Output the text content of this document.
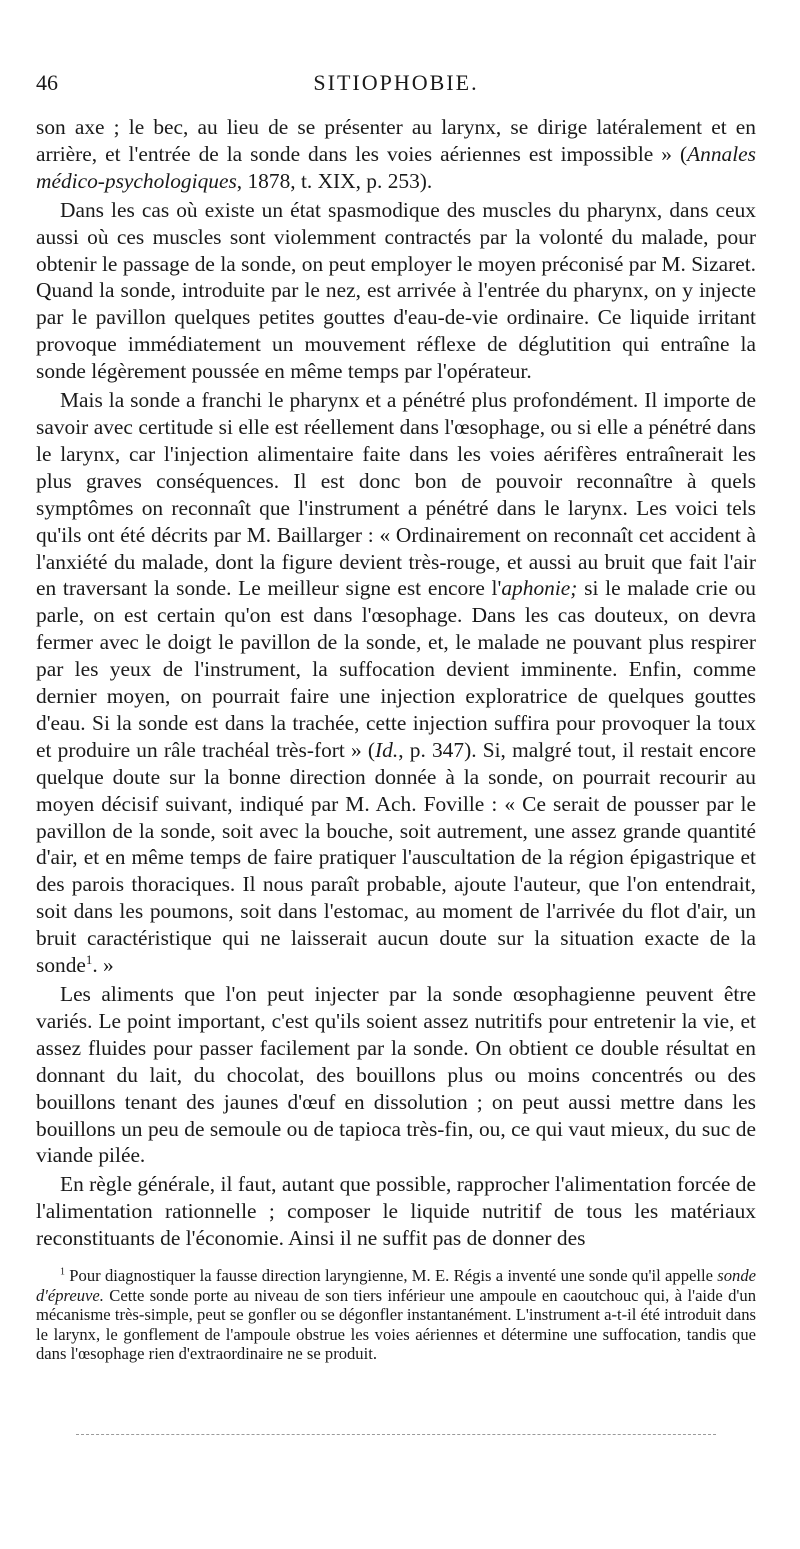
46	SITIOPHOBIE.

son axe ; le bec, au lieu de se présenter au larynx, se dirige latéralement et en arrière, et l'entrée de la sonde dans les voies aériennes est impossible » (Annales médico-psychologiques, 1878, t. XIX, p. 253).

Dans les cas où existe un état spasmodique des muscles du pharynx, dans ceux aussi où ces muscles sont violemment contractés par la volonté du malade, pour obtenir le passage de la sonde, on peut employer le moyen préconisé par M. Sizaret. Quand la sonde, introduite par le nez, est arrivée à l'entrée du pharynx, on y injecte par le pavillon quelques petites gouttes d'eau-de-vie ordinaire. Ce liquide irritant provoque immédiatement un mouvement réflexe de déglutition qui entraîne la sonde légèrement poussée en même temps par l'opérateur.

Mais la sonde a franchi le pharynx et a pénétré plus profondément. Il importe de savoir avec certitude si elle est réellement dans l'œsophage, ou si elle a pénétré dans le larynx, car l'injection alimentaire faite dans les voies aérifères entraînerait les plus graves conséquences. Il est donc bon de pouvoir reconnaître à quels symptômes on reconnaît que l'instrument a pénétré dans le larynx. Les voici tels qu'ils ont été décrits par M. Baillarger : « Ordinairement on reconnaît cet accident à l'anxiété du malade, dont la figure devient très-rouge, et aussi au bruit que fait l'air en traversant la sonde. Le meilleur signe est encore l'aphonie; si le malade crie ou parle, on est certain qu'on est dans l'œsophage. Dans les cas douteux, on devra fermer avec le doigt le pavillon de la sonde, et, le malade ne pouvant plus respirer par les yeux de l'instrument, la suffocation devient imminente. Enfin, comme dernier moyen, on pourrait faire une injection exploratrice de quelques gouttes d'eau. Si la sonde est dans la trachée, cette injection suffira pour provoquer la toux et produire un râle trachéal très-fort » (Id., p. 347). Si, malgré tout, il restait encore quelque doute sur la bonne direction donnée à la sonde, on pourrait recourir au moyen décisif suivant, indiqué par M. Ach. Foville : « Ce serait de pousser par le pavillon de la sonde, soit avec la bouche, soit autrement, une assez grande quantité d'air, et en même temps de faire pratiquer l'auscultation de la région épigastrique et des parois thoraciques. Il nous paraît probable, ajoute l'auteur, que l'on entendrait, soit dans les poumons, soit dans l'estomac, au moment de l'arrivée du flot d'air, un bruit caractéristique qui ne laisserait aucun doute sur la situation exacte de la sonde$^1$. »

Les aliments que l'on peut injecter par la sonde œsophagienne peuvent être variés. Le point important, c'est qu'ils soient assez nutritifs pour entretenir la vie, et assez fluides pour passer facilement par la sonde. On obtient ce double résultat en donnant du lait, du chocolat, des bouillons plus ou moins concentrés ou des bouillons tenant des jaunes d'œuf en dissolution ; on peut aussi mettre dans les bouillons un peu de semoule ou de tapioca très-fin, ou, ce qui vaut mieux, du suc de viande pilée.

En règle générale, il faut, autant que possible, rapprocher l'alimentation forcée de l'alimentation rationnelle ; composer le liquide nutritif de tous les matériaux reconstituants de l'économie. Ainsi il ne suffit pas de donner des

$^1$ Pour diagnostiquer la fausse direction laryngienne, M. E. Régis a inventé une sonde qu'il appelle sonde d'épreuve. Cette sonde porte au niveau de son tiers inférieur une ampoule en caoutchouc qui, à l'aide d'un mécanisme très-simple, peut se gonfler ou se dégonfler instantanément. L'instrument a-t-il été introduit dans le larynx, le gonflement de l'ampoule obstrue les voies aériennes et détermine une suffocation, tandis que dans l'œsophage rien d'extraordinaire ne se produit.
